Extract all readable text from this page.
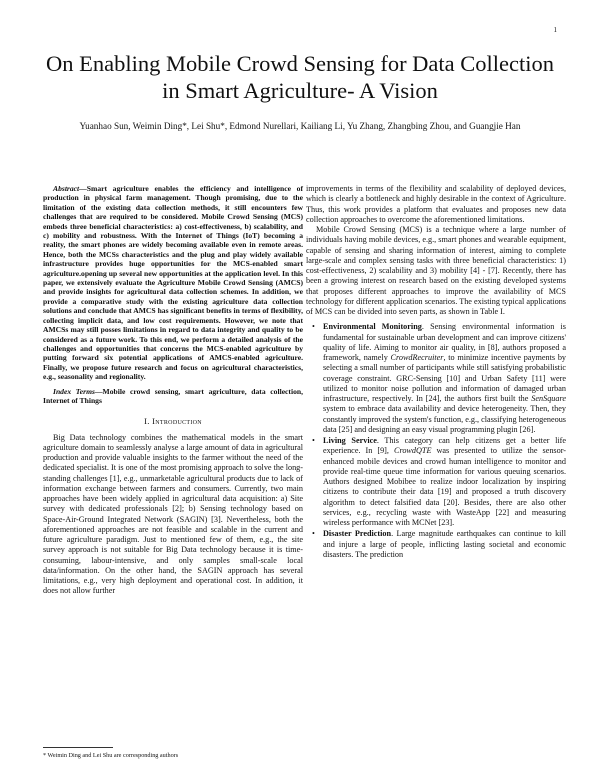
1
On Enabling Mobile Crowd Sensing for Data Collection in Smart Agriculture- A Vision
Yuanhao Sun, Weimin Ding*, Lei Shu*, Edmond Nurellari, Kailiang Li, Yu Zhang, Zhangbing Zhou, and Guangjie Han

Abstract—Smart agriculture enables the efficiency and intelligence of production in physical farm management. Though promising, due to the limitation of the existing data collection methods, it still encounters few challenges that are required to be considered. Mobile Crowd Sensing (MCS) embeds three beneficial characteristics: a) cost-effectiveness, b) scalability, and c) mobility and robustness. With the Internet of Things (IoT) becoming a reality, the smart phones are widely becoming available even in remote areas. Hence, both the MCSs characteristics and the plug and play widely available infrastructure provides huge opportunities for the MCS-enabled smart agriculture.opening up several new opportunities at the application level. In this paper, we extensively evaluate the Agriculture Mobile Crowd Sensing (AMCS) and provide insights for agricultural data collection schemes. In addition, we provide a comparative study with the existing agriculture data collection solutions and conclude that AMCS has significant benefits in terms of flexibility, collecting implicit data, and low cost requirements. However, we note that AMCSs may still posses limitations in regard to data integrity and quality to be considered as a future work. To this end, we perform a detailed analysis of the challenges and opportunities that concerns the MCS-enabled agriculture by putting forward six potential applications of AMCS-enabled agriculture. Finally, we propose future research and focus on agricultural characteristics, e.g., seasonality and regionality.

Index Terms—Mobile crowd sensing, smart agriculture, data collection, Internet of Things

I. Introduction

Big Data technology combines the mathematical models in the smart agriculture domain to seamlessly analyse a large amount of data in agricultural production and provide valuable insights to the farmer without the need of the dedicated specialist. It is one of the most promising approach to solve the long-standing challenges [1], e.g., unmarketable agricultural products due to lack of information exchange between farmers and consumers. Currently, two main approaches have been widely applied in agricultural data acquisition: a) Site survey with dedicated professionals [2]; b) Sensing technology based on Space-Air-Ground Integrated Network (SAGIN) [3]. Nevertheless, both the aforementioned approaches are not feasible and scalable in the current and future agriculture paradigm. Just to mentioned few of them, e.g., the site survey approach is not suitable for Big Data technology because it is time-consuming, labour-intensive, and only samples small-scale local data/information. On the other hand, the SAGIN approach has several limitations, e.g., very high deployment and operational cost. In addition, it does not allow further

improvements in terms of the flexibility and scalability of deployed devices, which is clearly a bottleneck and highly desirable in the context of Agriculture. Thus, this work provides a platform that evaluates and proposes new data collection approaches to overcome the aforementioned limitations.

Mobile Crowd Sensing (MCS) is a technique where a large number of individuals having mobile devices, e.g., smart phones and wearable equipment, capable of sensing and sharing information of interest, aiming to complete large-scale and complex sensing tasks with three beneficial characteristics: 1) cost-effectiveness, 2) scalability and 3) mobility [4] - [7]. Recently, there has been a growing interest on research based on the existing developed systems that proposes different approaches to improve the availability of MCS technology for different application scenarios. The existing typical applications of MCS can be divided into seven parts, as shown in Table I.

• Environmental Monitoring. Sensing environmental information is fundamental for sustainable urban development and can improve citizens' quality of life. Aiming to monitor air quality, in [8], authors proposed a framework, namely CrowdRecruiter, to minimize incentive payments by selecting a small number of participants while still satisfying probabilistic coverage constraint. GRC-Sensing [10] and Urban Safety [11] were utilized to monitor noise pollution and information of damaged urban infrastructure, respectively. In [24], the authors first built the SenSquare system to embrace data availability and device heterogeneity. Then, they constantly improved the system's function, e.g., classifying heterogeneous data [25] and designing an easy visual programming plugin [26].
• Living Service. This category can help citizens get a better life experience. In [9], CrowdQTE was presented to utilize the sensor-enhanced mobile devices and crowd human intelligence to monitor and provide real-time queue time information for various queuing scenarios. Authors designed Mobibee to realize indoor localization by inspiring citizens to contribute their data [19] and proposed a truth discovery algorithm to detect falsified data [20]. Besides, there are also other services, e.g., recycling waste with WasteApp [22] and measuring wireless performance with MCNet [23].
• Disaster Prediction. Large magnitude earthquakes can continue to kill and injure a large of people, inflicting lasting societal and economic disasters. The prediction
* Weimin Ding and Lei Shu are corresponding authors
